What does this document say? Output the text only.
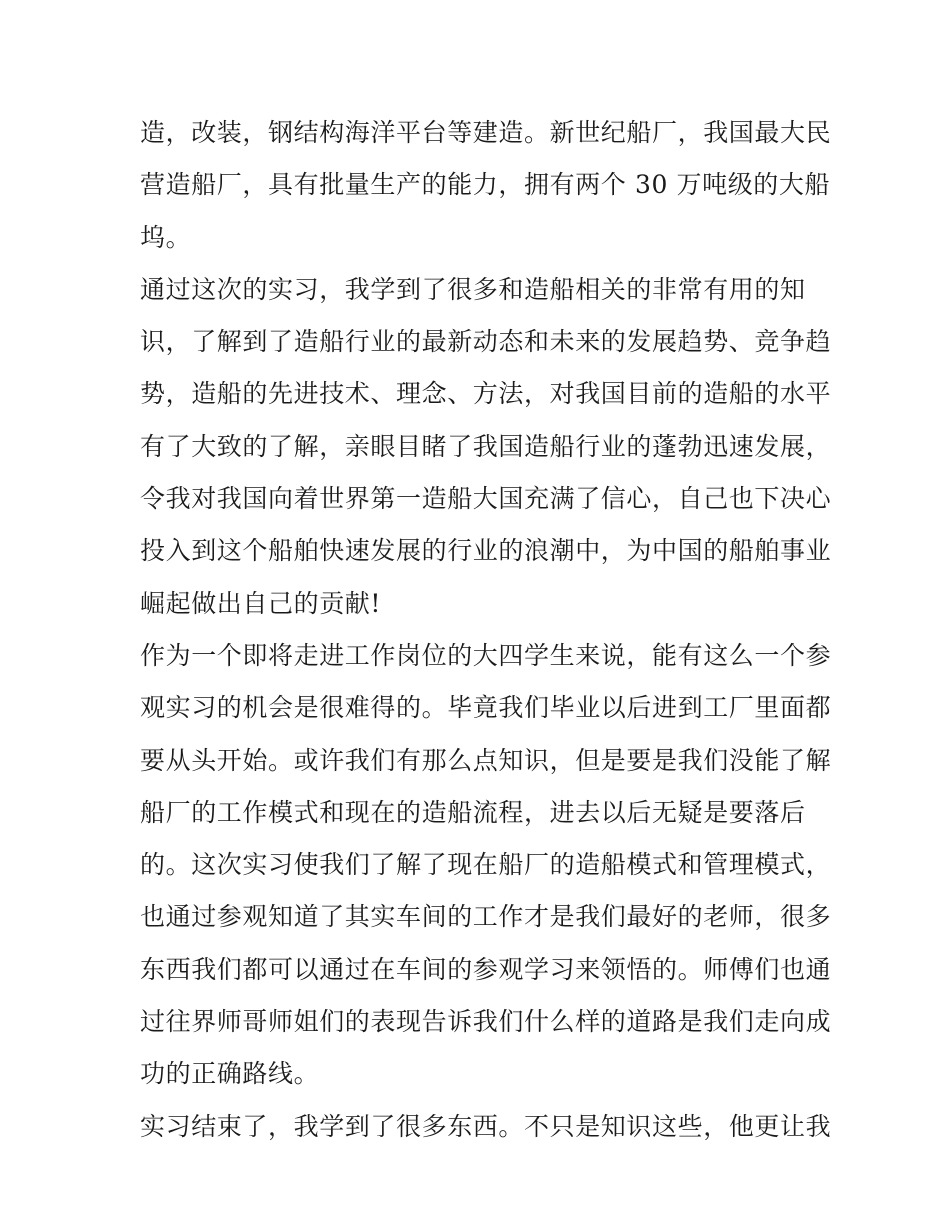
造，改装，钢结构海洋平台等建造。新世纪船厂，我国最大民
营造船厂，具有批量生产的能力，拥有两个 30 万吨级的大船
坞。
通过这次的实习，我学到了很多和造船相关的非常有用的知
识，了解到了造船行业的最新动态和未来的发展趋势、竞争趋
势，造船的先进技术、理念、方法，对我国目前的造船的水平
有了大致的了解，亲眼目睹了我国造船行业的蓬勃迅速发展，
令我对我国向着世界第一造船大国充满了信心，自己也下决心
投入到这个船舶快速发展的行业的浪潮中，为中国的船舶事业
崛起做出自己的贡献!
作为一个即将走进工作岗位的大四学生来说，能有这么一个参
观实习的机会是很难得的。毕竟我们毕业以后进到工厂里面都
要从头开始。或许我们有那么点知识，但是要是我们没能了解
船厂的工作模式和现在的造船流程，进去以后无疑是要落后
的。这次实习使我们了解了现在船厂的造船模式和管理模式，
也通过参观知道了其实车间的工作才是我们最好的老师，很多
东西我们都可以通过在车间的参观学习来领悟的。师傅们也通
过往界师哥师姐们的表现告诉我们什么样的道路是我们走向成
功的正确路线。
实习结束了，我学到了很多东西。不只是知识这些，他更让我
